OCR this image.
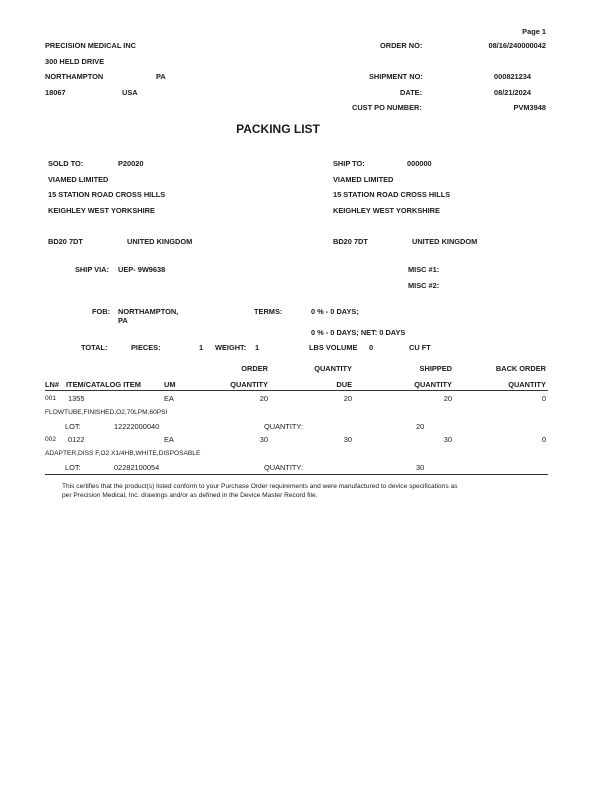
Page 1
PRECISION MEDICAL INC
300 HELD DRIVE
NORTHAMPTON	PA
18067	USA
ORDER NO:	08/16/240000042
SHIPMENT NO:	000821234
DATE:	08/21/2024
CUST PO NUMBER:	PVM3948
PACKING LIST
SOLD TO:	P20020
VIAMED LIMITED
15 STATION ROAD CROSS HILLS
KEIGHLEY WEST YORKSHIRE
BD20 7DT	UNITED KINGDOM
SHIP TO:	000000
VIAMED LIMITED
15 STATION ROAD CROSS HILLS
KEIGHLEY WEST YORKSHIRE
BD20 7DT	UNITED KINGDOM
SHIP VIA: UEP- 9W9638	MISC #1:
MISC #2:
FOB: NORTHAMPTON,
PA
TERMS:	0 % - 0 DAYS;
0 % - 0 DAYS; NET: 0 DAYS
TOTAL:	PIECES:	1 WEIGHT: 1	LBS VOLUME 0	CU FT
ORDER	QUANTITY	SHIPPED	BACK ORDER
LN# ITEM/CATALOG ITEM	UM	QUANTITY	DUE	QUANTITY	QUANTITY
001 1355	EA	20	20	20	0
FLOWTUBE,FINISHED,O2,70LPM,60PSI
LOT:	12222000040	QUANTITY:	20
002 0122	EA	30	30	30	0
ADAPTER,DISS F,O2 X1/4HB,WHITE,DISPOSABLE
LOT:	02282100054	QUANTITY:	30
This certifies that the product(s) listed conform to your Purchase Order requirements and were manufactured to device specifications as
per Precision Medical, Inc. drawings and/or as defined in the Device Master Record file.
